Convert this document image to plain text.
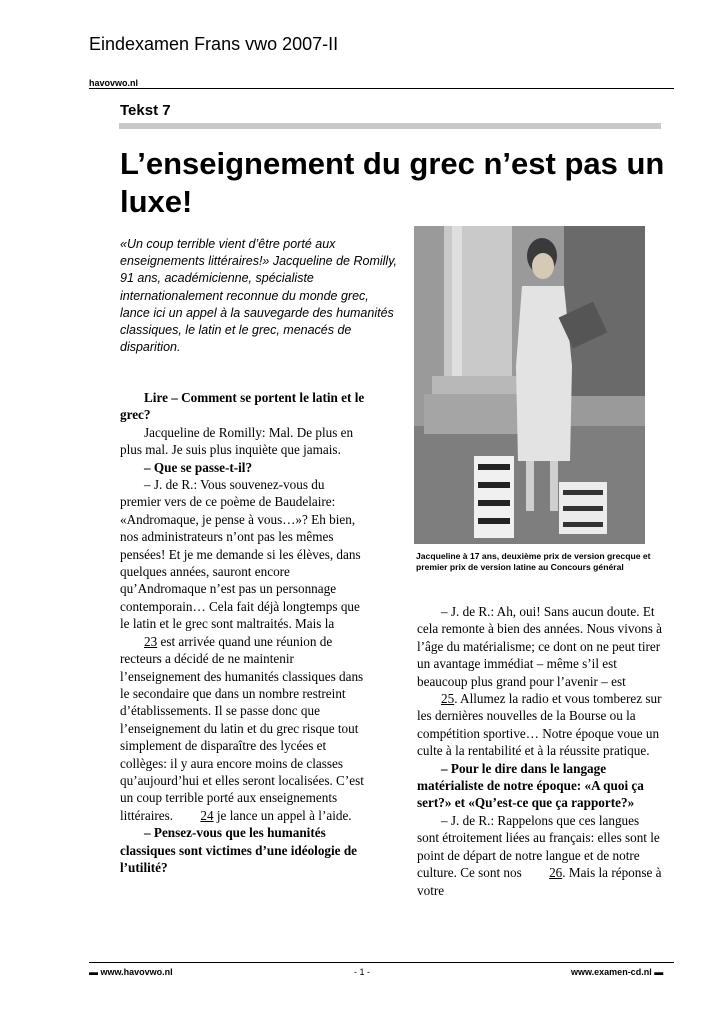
Eindexamen Frans vwo 2007-II
havovwo.nl
Tekst 7
L’enseignement du grec n’est pas un luxe!
«Un coup terrible vient d’être porté aux enseignements littéraires!» Jacqueline de Romilly, 91 ans, académicienne, spécialiste internationalement reconnue du monde grec, lance ici un appel à la sauvegarde des humanités classiques, le latin et le grec, menacés de disparition.
Jacqueline à 17 ans, deuxième prix de version grecque et premier prix de version latine au Concours général

Lire – Comment se portent le latin et le grec?

Jacqueline de Romilly: Mal. De plus en plus mal. Je suis plus inquiète que jamais.

– Que se passe-t-il?

– J. de R.: Vous souvenez-vous du premier vers de ce poème de Baudelaire: «Andromaque, je pense à vous…»? Eh bien, nos administrateurs n’ont pas les mêmes pensées! Et je me demande si les élèves, dans quelques années, sauront encore qu’Andromaque n’est pas un personnage contemporain… Cela fait déjà longtemps que le latin et le grec sont maltraités. Mais la 23 est arrivée quand une réunion de recteurs a décidé de ne maintenir l’enseignement des humanités classiques dans le secondaire que dans un nombre restreint d’établissements. Il se passe donc que l’enseignement du latin et du grec risque tout simplement de disparaître des lycées et collèges: il y aura encore moins de classes qu’aujourd’hui et elles seront localisées. C’est un coup terrible porté aux enseignements littéraires. 24 je lance un appel à l’aide.

– Pensez-vous que les humanités classiques sont victimes d’une idéologie de l’utilité?

– J. de R.: Ah, oui! Sans aucun doute. Et cela remonte à bien des années. Nous vivons à l’âge du matérialisme; ce dont on ne peut tirer un avantage immédiat – même s’il est beaucoup plus grand pour l’avenir – est 25. Allumez la radio et vous tomberez sur les dernières nouvelles de la Bourse ou la compétition sportive… Notre époque voue un culte à la rentabilité et à la réussite pratique.

– Pour le dire dans le langage matérialiste de notre époque: «A quoi ça sert?» et «Qu’est-ce que ça rapporte?»

– J. de R.: Rappelons que ces langues sont étroitement liées au français: elles sont le point de départ de notre langue et de notre culture. Ce sont nos 26. Mais la réponse à votre

▬ www.havovwo.nl	- 1 -	www.examen-cd.nl ▬
